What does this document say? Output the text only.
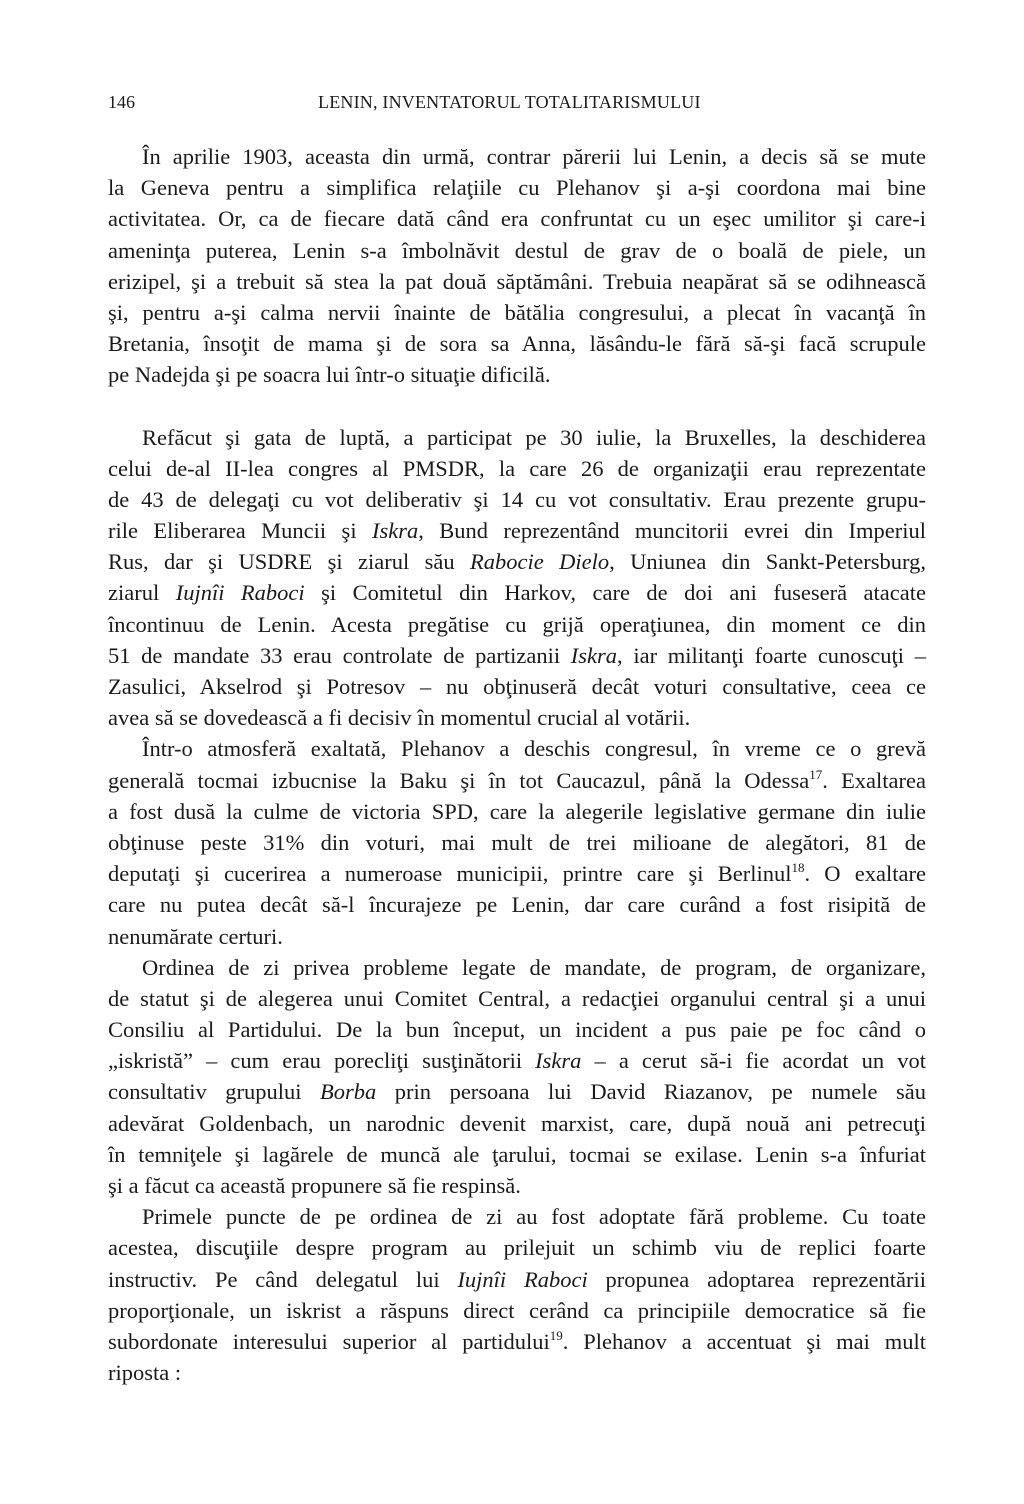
146	LENIN, INVENTATORUL TOTALITARISMULUI
În aprilie 1903, aceasta din urmă, contrar părerii lui Lenin, a decis să se mute
la Geneva pentru a simplifica relaţiile cu Plehanov şi a-şi coordona mai bine
activitatea. Or, ca de fiecare dată când era confruntat cu un eşec umilitor şi care-i
ameninţa puterea, Lenin s-a îmbolnăvit destul de grav de o boală de piele, un
erizipel, şi a trebuit să stea la pat două săptămâni. Trebuia neapărat să se odihnească
şi, pentru a-şi calma nervii înainte de bătălia congresului, a plecat în vacanţă în
Bretania, însoţit de mama şi de sora sa Anna, lăsându-le fără să-şi facă scrupule
pe Nadejda şi pe soacra lui într-o situaţie dificilă.
Refăcut şi gata de luptă, a participat pe 30 iulie, la Bruxelles, la deschiderea
celui de-al II-lea congres al PMSDR, la care 26 de organizaţii erau reprezentate
de 43 de delegaţi cu vot deliberativ şi 14 cu vot consultativ. Erau prezente grupu-
rile Eliberarea Muncii şi Iskra, Bund reprezentând muncitorii evrei din Imperiul
Rus, dar şi USDRE şi ziarul său Rabocie Dielo, Uniunea din Sankt-Petersburg,
ziarul Iujnîi Raboci şi Comitetul din Harkov, care de doi ani fuseseră atacate
încontinuu de Lenin. Acesta pregătise cu grijă operaţiunea, din moment ce din
51 de mandate 33 erau controlate de partizanii Iskra, iar militanţi foarte cunoscuţi –
Zasulici, Akselrod şi Potresov – nu obţinuseră decât voturi consultative, ceea ce
avea să se dovedească a fi decisiv în momentul crucial al votării.
Într-o atmosferă exaltată, Plehanov a deschis congresul, în vreme ce o grevă
generală tocmai izbucnise la Baku şi în tot Caucazul, până la Odessa$^{17}$. Exaltarea
a fost dusă la culme de victoria SPD, care la alegerile legislative germane din iulie
obţinuse peste 31% din voturi, mai mult de trei milioane de alegători, 81 de
deputaţi şi cucerirea a numeroase municipii, printre care şi Berlinul$^{18}$. O exaltare
care nu putea decât să-l încurajeze pe Lenin, dar care curând a fost risipită de
nenumărate certuri.
Ordinea de zi privea probleme legate de mandate, de program, de organizare,
de statut şi de alegerea unui Comitet Central, a redacţiei organului central şi a unui
Consiliu al Partidului. De la bun început, un incident a pus paie pe foc când o
„iskristă” – cum erau porecliţi susţinătorii Iskra – a cerut să-i fie acordat un vot
consultativ grupului Borba prin persoana lui David Riazanov, pe numele său
adevărat Goldenbach, un narodnic devenit marxist, care, după nouă ani petrecuţi
în temniţele şi lagărele de muncă ale ţarului, tocmai se exilase. Lenin s-a înfuriat
şi a făcut ca această propunere să fie respinsă.
Primele puncte de pe ordinea de zi au fost adoptate fără probleme. Cu toate
acestea, discuţiile despre program au prilejuit un schimb viu de replici foarte
instructiv. Pe când delegatul lui Iujnîi Raboci propunea adoptarea reprezentării
proporţionale, un iskrist a răspuns direct cerând ca principiile democratice să fie
subordonate interesului superior al partidului$^{19}$. Plehanov a accentuat şi mai mult
riposta :
